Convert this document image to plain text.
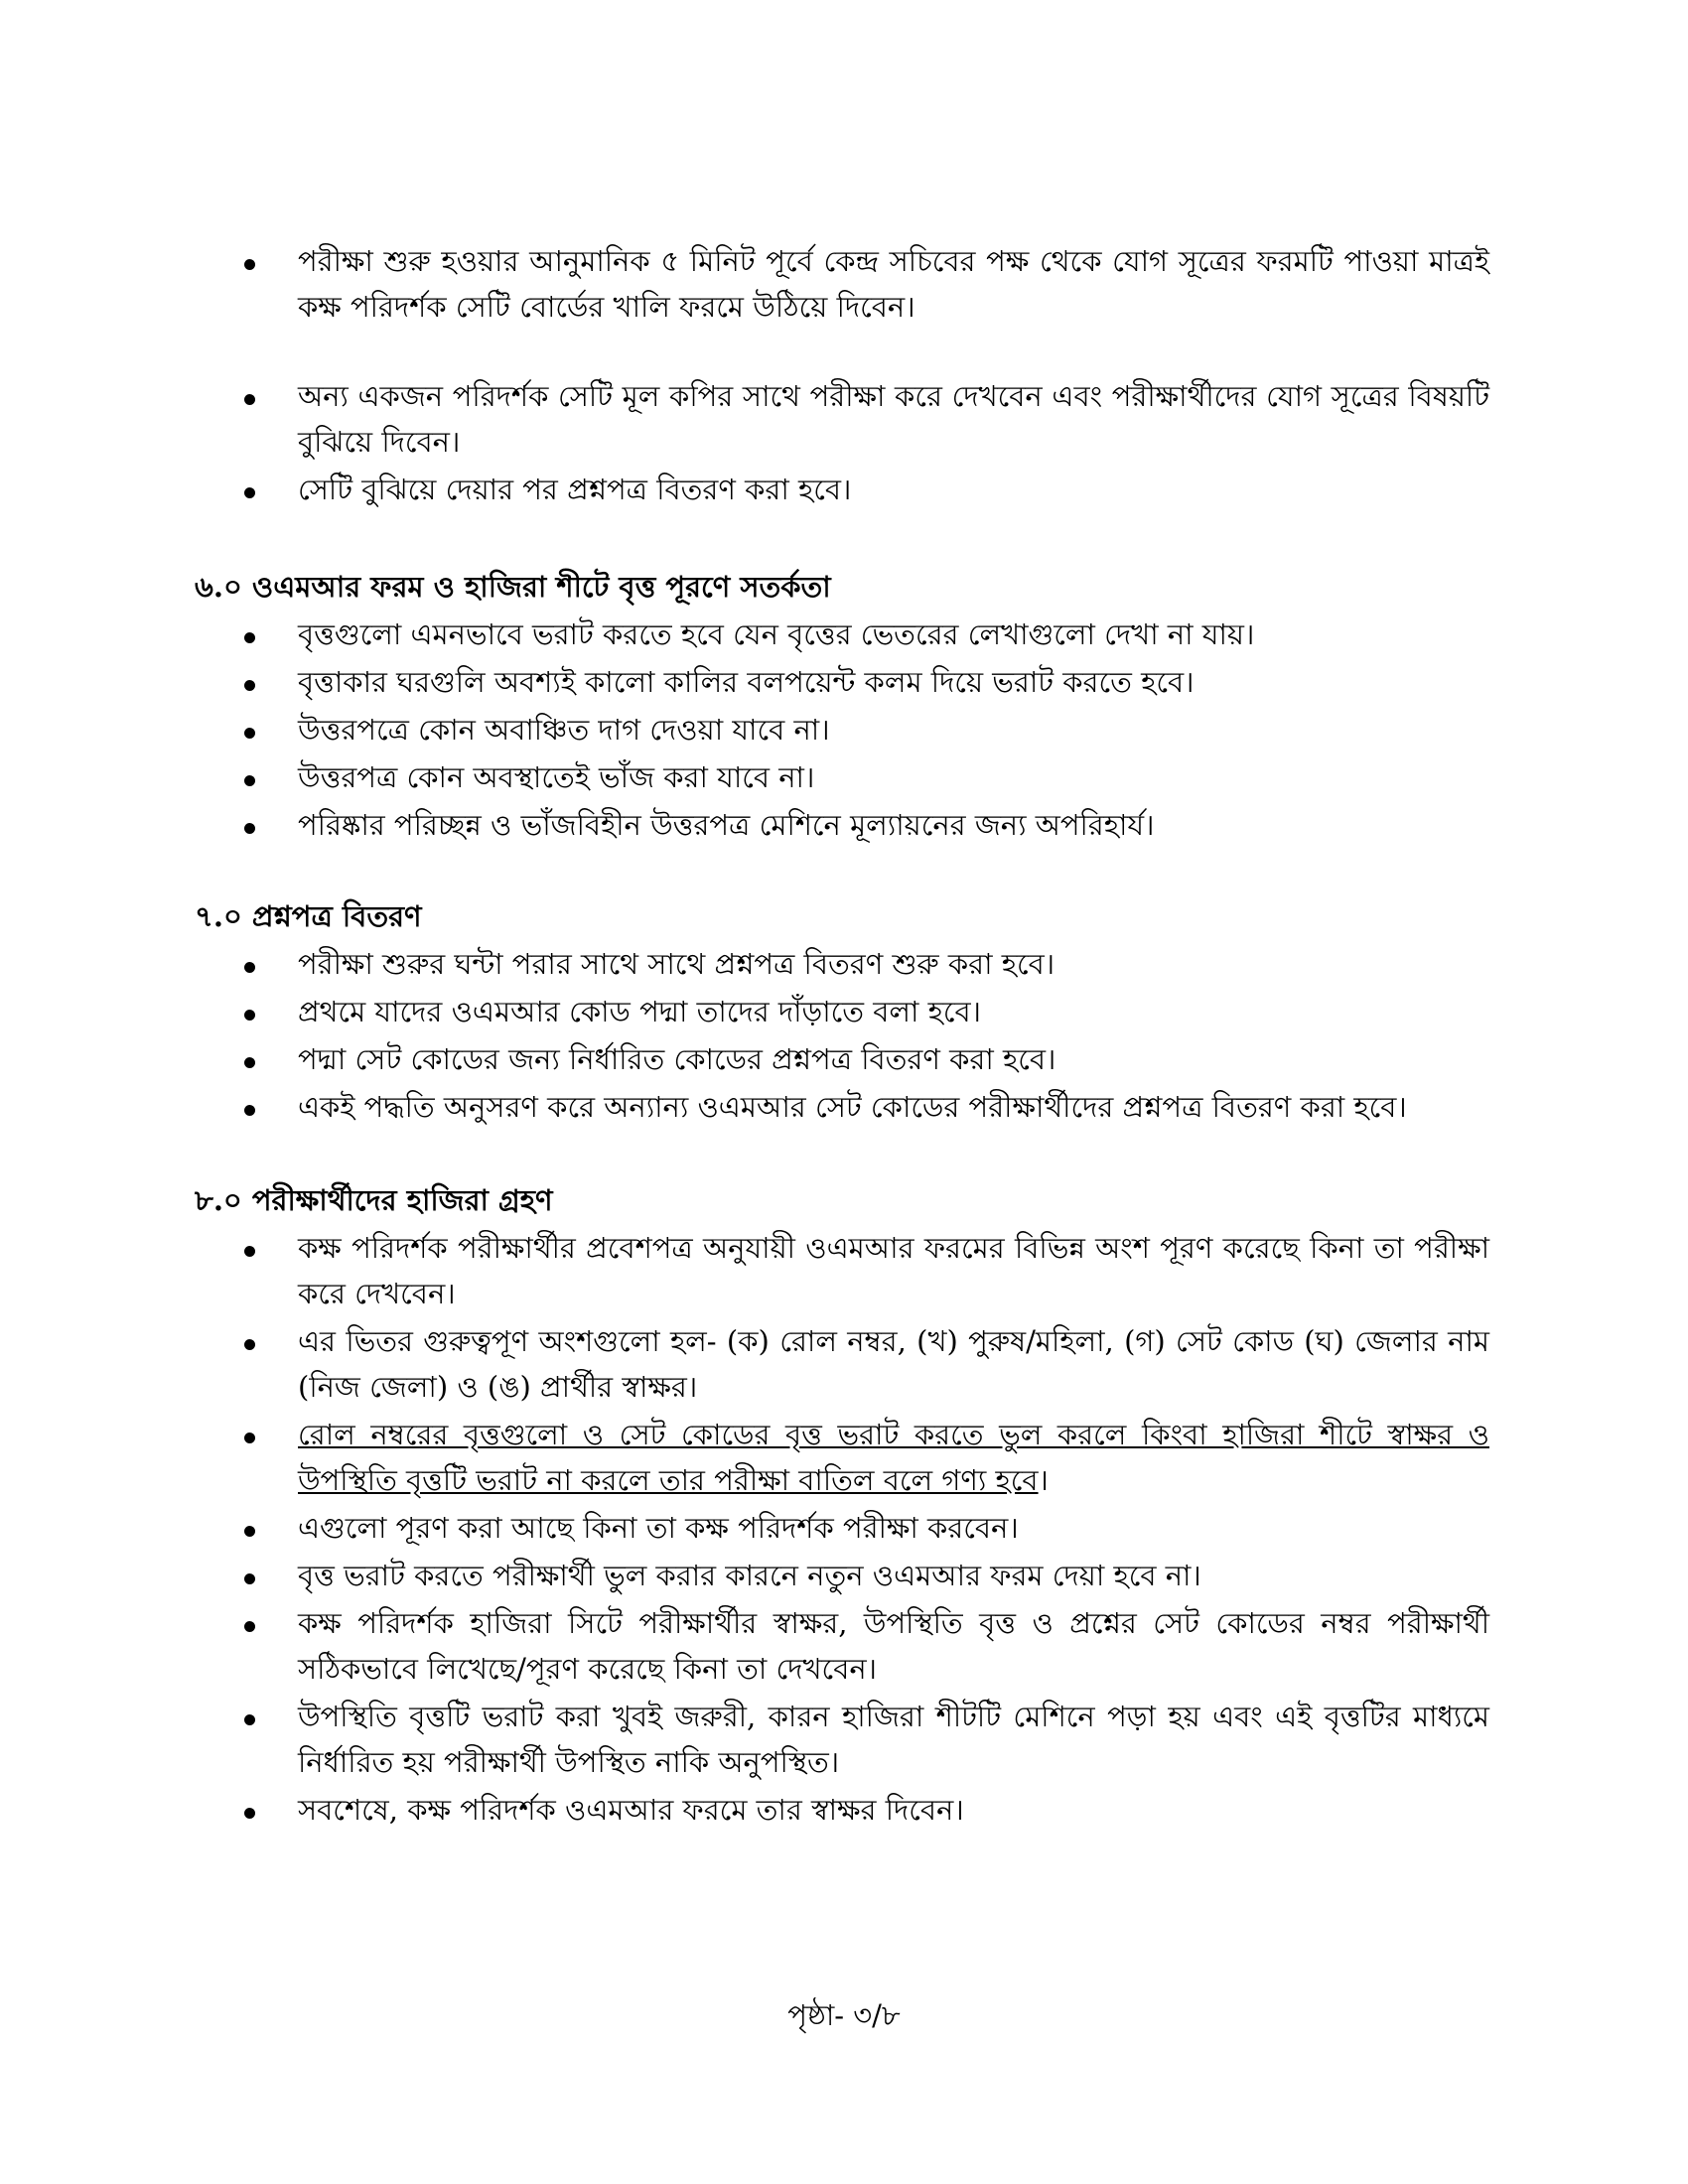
পরীক্ষা শুরু হওয়ার আনুমানিক ৫ মিনিট পূর্বে কেন্দ্র সচিবের পক্ষ থেকে যোগ সূত্রের ফরমটি পাওয়া মাত্রই কক্ষ পরিদর্শক সেটি বোর্ডের খালি ফরমে উঠিয়ে দিবেন।
অন্য একজন পরিদর্শক সেটি মূল কপির সাথে পরীক্ষা করে দেখবেন এবং পরীক্ষার্থীদের যোগ সূত্রের বিষয়টি বুঝিয়ে দিবেন।
সেটি বুঝিয়ে দেয়ার পর প্রশ্নপত্র বিতরণ করা হবে।
৬.০ ওএমআর ফরম ও হাজিরা শীটে বৃত্ত পূরণে সতর্কতা
বৃত্তগুলো এমনভাবে ভরাট করতে হবে যেন বৃত্তের ভেতরের লেখাগুলো দেখা না যায়।
বৃত্তাকার ঘরগুলি অবশ্যই কালো কালির বলপয়েন্ট কলম দিয়ে ভরাট করতে হবে।
উত্তরপত্রে কোন অবাঞ্চিত দাগ দেওয়া যাবে না।
উত্তরপত্র কোন অবস্থাতেই ভাঁজ করা যাবে না।
পরিষ্কার পরিচ্ছন্ন ও ভাঁজবিহীন উত্তরপত্র মেশিনে মূল্যায়নের জন্য অপরিহার্য।
৭.০ প্রশ্নপত্র বিতরণ
পরীক্ষা শুরুর ঘন্টা পরার সাথে সাথে প্রশ্নপত্র বিতরণ শুরু করা হবে।
প্রথমে যাদের ওএমআর কোড পদ্মা তাদের দাঁড়াতে বলা হবে।
পদ্মা সেট কোডের জন্য নির্ধারিত কোডের প্রশ্নপত্র বিতরণ করা হবে।
একই পদ্ধতি অনুসরণ করে অন্যান্য ওএমআর সেট কোডের পরীক্ষার্থীদের প্রশ্নপত্র বিতরণ করা হবে।
৮.০ পরীক্ষার্থীদের হাজিরা গ্রহণ
কক্ষ পরিদর্শক পরীক্ষার্থীর প্রবেশপত্র অনুযায়ী ওএমআর ফরমের বিভিন্ন অংশ পূরণ করেছে কিনা তা পরীক্ষা করে দেখবেন।
এর ভিতর গুরুত্বপূণ অংশগুলো হল- (ক) রোল নম্বর, (খ) পুরুষ/মহিলা, (গ) সেট কোড (ঘ) জেলার নাম (নিজ জেলা) ও (ঙ) প্রার্থীর স্বাক্ষর।
রোল নম্বরের বৃত্তগুলো ও সেট কোডের বৃত্ত ভরাট করতে ভুল করলে কিংবা হাজিরা শীটে স্বাক্ষর ও উপস্থিতি বৃত্তটি ভরাট না করলে তার পরীক্ষা বাতিল বলে গণ্য হবে।
এগুলো পূরণ করা আছে কিনা তা কক্ষ পরিদর্শক পরীক্ষা করবেন।
বৃত্ত ভরাট করতে পরীক্ষার্থী ভুল করার কারনে নতুন ওএমআর ফরম দেয়া হবে না।
কক্ষ পরিদর্শক হাজিরা সিটে পরীক্ষার্থীর স্বাক্ষর, উপস্থিতি বৃত্ত ও প্রশ্নের সেট কোডের নম্বর পরীক্ষার্থী সঠিকভাবে লিখেছে/পূরণ করেছে কিনা তা দেখবেন।
উপস্থিতি বৃত্তটি ভরাট করা খুবই জরুরী, কারন হাজিরা শীটটি মেশিনে পড়া হয় এবং এই বৃত্তটির মাধ্যমে নির্ধারিত হয় পরীক্ষার্থী উপস্থিত নাকি অনুপস্থিত।
সবশেষে, কক্ষ পরিদর্শক ওএমআর ফরমে তার স্বাক্ষর দিবেন।
পৃষ্ঠা- ৩/৮
